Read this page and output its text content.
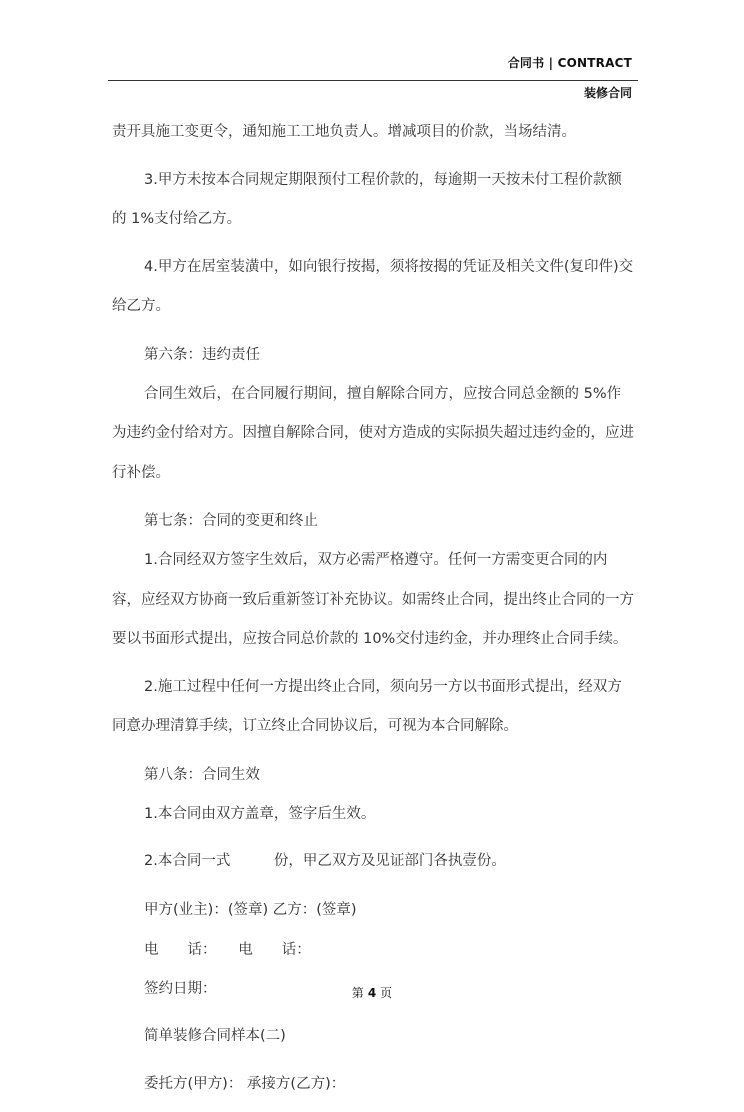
合同书 | CONTRACT
装修合同

责开具施工变更令，通知施工工地负责人。增减项目的价款，当场结清。

3.甲方未按本合同规定期限预付工程价款的，每逾期一天按未付工程价款额的 1%支付给乙方。

4.甲方在居室装潢中，如向银行按揭，须将按揭的凭证及相关文件(复印件)交给乙方。

第六条：违约责任

合同生效后，在合同履行期间，擅自解除合同方，应按合同总金额的 5%作为违约金付给对方。因擅自解除合同，使对方造成的实际损失超过违约金的，应进行补偿。

第七条：合同的变更和终止

1.合同经双方签字生效后，双方必需严格遵守。任何一方需变更合同的内容，应经双方协商一致后重新签订补充协议。如需终止合同，提出终止合同的一方要以书面形式提出，应按合同总价款的 10%交付违约金，并办理终止合同手续。

2.施工过程中任何一方提出终止合同，须向另一方以书面形式提出，经双方同意办理清算手续，订立终止合同协议后，可视为本合同解除。

第八条：合同生效

1.本合同由双方盖章，签字后生效。

2.本合同一式　　　份，甲乙双方及见证部门各执壹份。

甲方(业主)：(签章) 乙方：(签章)

电　　话：　　电　　话：

签约日期：

简单装修合同样本(二)

委托方(甲方)： 承接方(乙方)：

第 4 页
